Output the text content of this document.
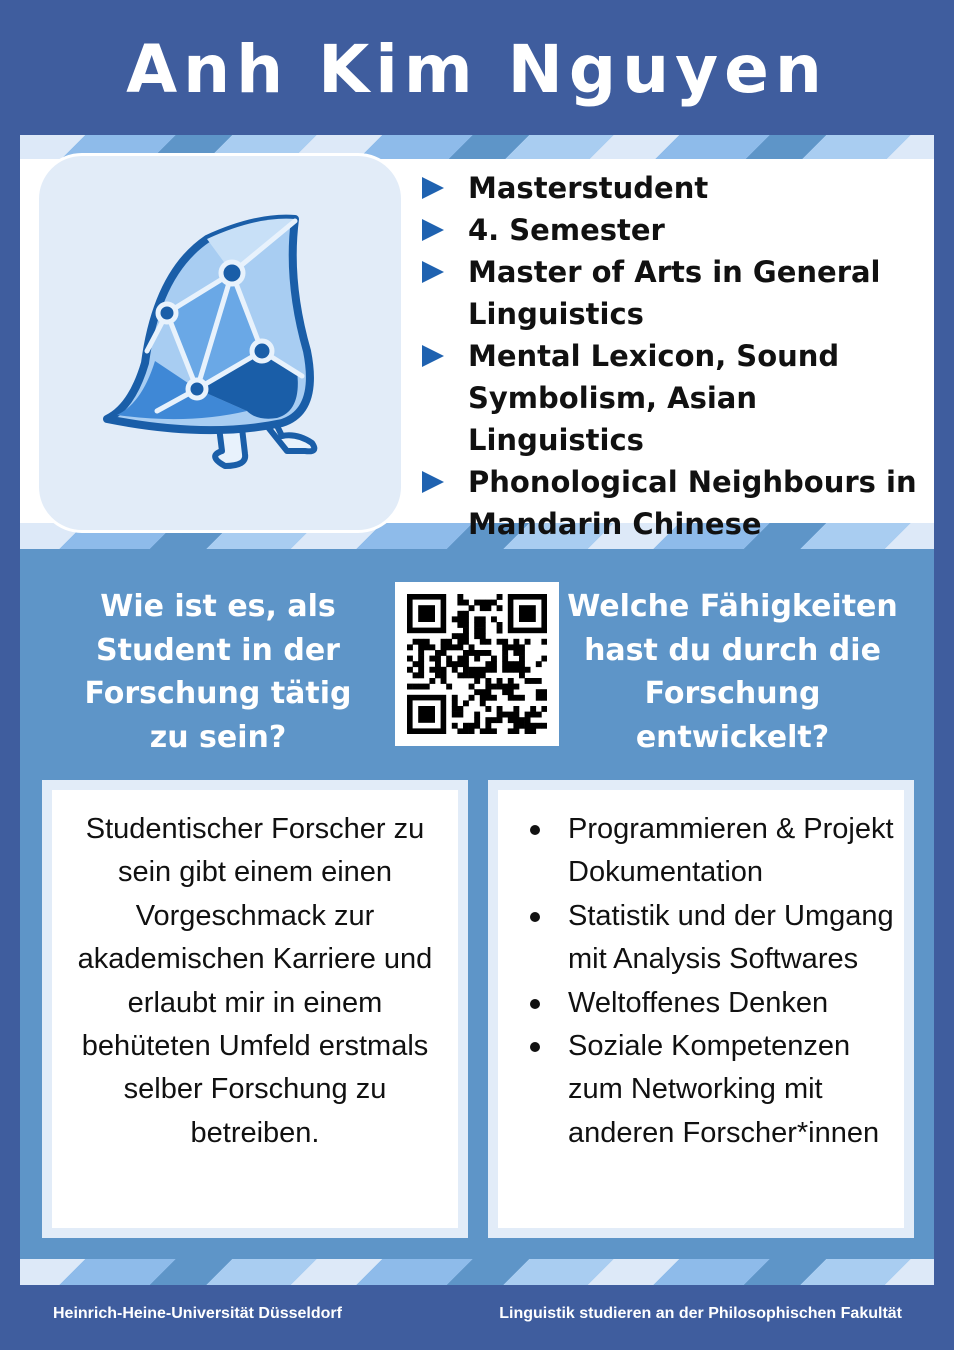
Anh Kim Nguyen
Masterstudent
4. Semester
Master of Arts in General Linguistics
Mental Lexicon, Sound Symbolism, Asian Linguistics
Phonological Neighbours in Mandarin Chinese
Wie ist es, als Student in der Forschung tätig zu sein?
Welche Fähigkeiten hast du durch die Forschung entwickelt?
Studentischer Forscher zu sein gibt einem einen Vorgeschmack zur akademischen Karriere und erlaubt mir in einem behüteten Umfeld erstmals selber Forschung zu betreiben.
Programmieren & Projekt Dokumentation
Statistik und der Umgang mit Analysis Softwares
Weltoffenes Denken
Soziale Kompetenzen zum Networking mit anderen Forscher*innen
Heinrich-Heine-Universität Düsseldorf	Linguistik studieren an der Philosophischen Fakultät
